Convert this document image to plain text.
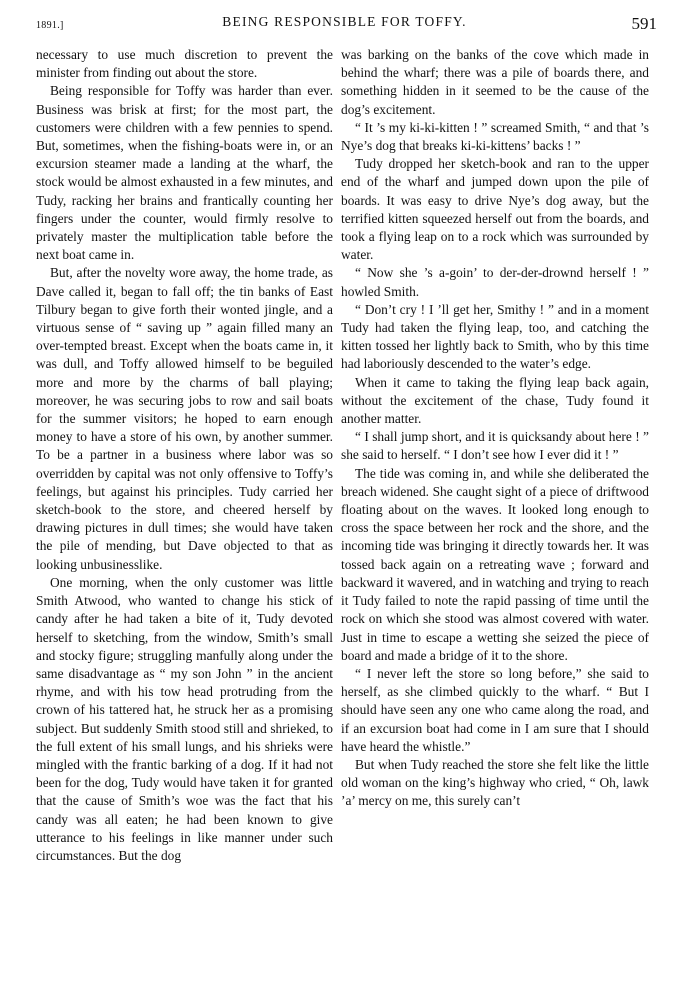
1891.]	BEING RESPONSIBLE FOR TOFFY.	591

necessary to use much discretion to prevent the minister from finding out about the store.

Being responsible for Toffy was harder than ever. Business was brisk at first; for the most part, the customers were children with a few pennies to spend. But, sometimes, when the fishing-boats were in, or an excursion steamer made a landing at the wharf, the stock would be almost exhausted in a few minutes, and Tudy, racking her brains and frantically counting her fingers under the counter, would firmly resolve to privately master the multiplication table before the next boat came in.

But, after the novelty wore away, the home trade, as Dave called it, began to fall off; the tin banks of East Tilbury began to give forth their wonted jingle, and a virtuous sense of “ saving up ” again filled many an over-tempted breast. Except when the boats came in, it was dull, and Toffy allowed himself to be beguiled more and more by the charms of ball playing; moreover, he was securing jobs to row and sail boats for the summer visitors; he hoped to earn enough money to have a store of his own, by another summer. To be a partner in a business where labor was so overridden by capital was not only offensive to Toffy’s feelings, but against his principles. Tudy carried her sketch-book to the store, and cheered herself by drawing pictures in dull times; she would have taken the pile of mending, but Dave objected to that as looking unbusinesslike.

One morning, when the only customer was little Smith Atwood, who wanted to change his stick of candy after he had taken a bite of it, Tudy devoted herself to sketching, from the window, Smith’s small and stocky figure; struggling manfully along under the same disadvantage as “ my son John ” in the ancient rhyme, and with his tow head protruding from the crown of his tattered hat, he struck her as a promising subject. But suddenly Smith stood still and shrieked, to the full extent of his small lungs, and his shrieks were mingled with the frantic barking of a dog. If it had not been for the dog, Tudy would have taken it for granted that the cause of Smith’s woe was the fact that his candy was all eaten; he had been known to give utterance to his feelings in like manner under such circumstances. But the dog

was barking on the banks of the cove which made in behind the wharf; there was a pile of boards there, and something hidden in it seemed to be the cause of the dog’s excitement.

“ It ’s my ki-ki-kitten ! ” screamed Smith, “ and that ’s Nye’s dog that breaks ki-ki-kittens’ backs ! ”

Tudy dropped her sketch-book and ran to the upper end of the wharf and jumped down upon the pile of boards. It was easy to drive Nye’s dog away, but the terrified kitten squeezed herself out from the boards, and took a flying leap on to a rock which was surrounded by water.

“ Now she ’s a-goin’ to der-der-drownd herself ! ” howled Smith.

“ Don’t cry ! I ’ll get her, Smithy ! ” and in a moment Tudy had taken the flying leap, too, and catching the kitten tossed her lightly back to Smith, who by this time had laboriously descended to the water’s edge.

When it came to taking the flying leap back again, without the excitement of the chase, Tudy found it another matter.

“ I shall jump short, and it is quicksandy about here ! ” she said to herself. “ I don’t see how I ever did it ! ”

The tide was coming in, and while she deliberated the breach widened. She caught sight of a piece of driftwood floating about on the waves. It looked long enough to cross the space between her rock and the shore, and the incoming tide was bringing it directly towards her. It was tossed back again on a retreating wave ; forward and backward it wavered, and in watching and trying to reach it Tudy failed to note the rapid passing of time until the rock on which she stood was almost covered with water. Just in time to escape a wetting she seized the piece of board and made a bridge of it to the shore.

“ I never left the store so long before,” she said to herself, as she climbed quickly to the wharf. “ But I should have seen any one who came along the road, and if an excursion boat had come in I am sure that I should have heard the whistle.”

But when Tudy reached the store she felt like the little old woman on the king’s highway who cried, “ Oh, lawk ’a’ mercy on me, this surely can’t
